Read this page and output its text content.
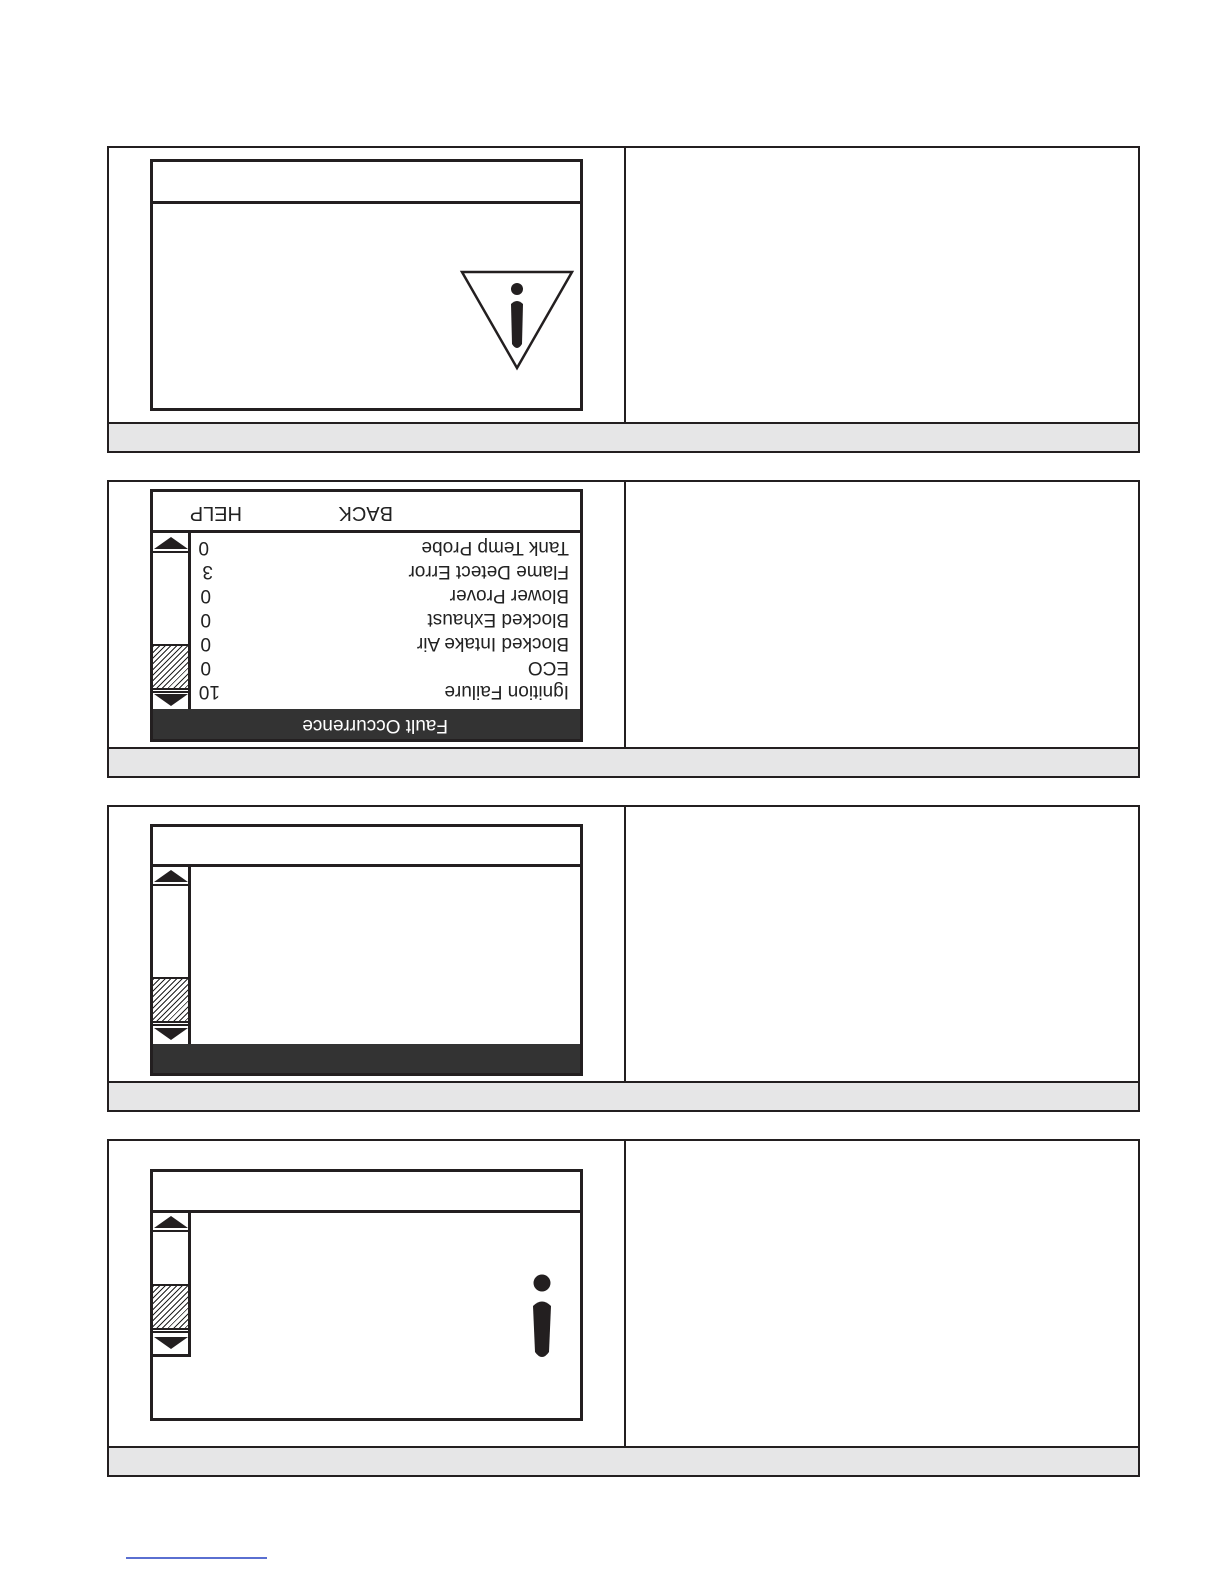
Fault Occurrence
BACK
HELP
Ignition Failure
10
ECO
0
Blocked Intake Air
0
Blocked Exhaust
0
Blower Prover
0
Flame Detect Error
3
Tank Temp Probe
0
